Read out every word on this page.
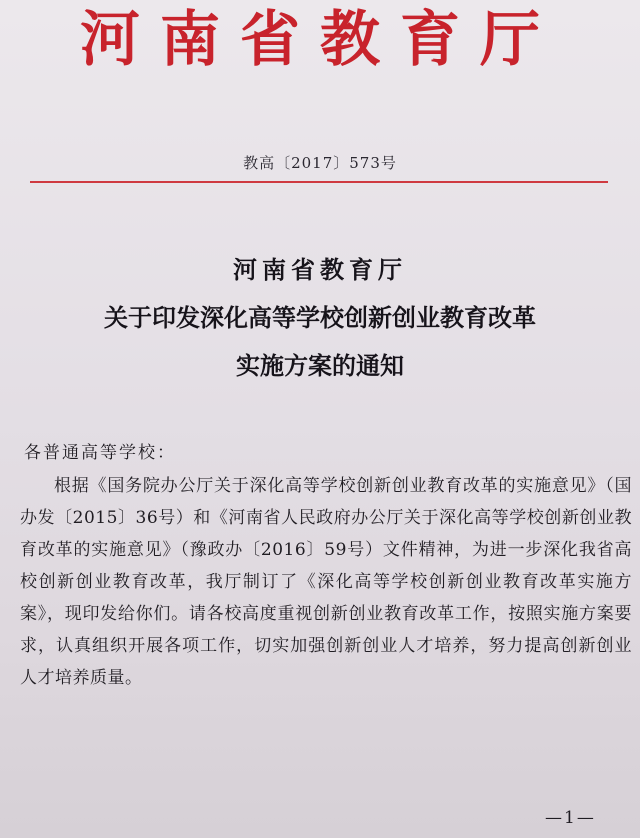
河南省教育厅
教高〔2017〕573号
河南省教育厅
关于印发深化高等学校创新创业教育改革
实施方案的通知
各普通高等学校：
根据《国务院办公厅关于深化高等学校创新创业教育改革的实施意见》（国办发〔2015〕36号）和《河南省人民政府办公厅关于深化高等学校创新创业教育改革的实施意见》（豫政办〔2016〕59号）文件精神，为进一步深化我省高校创新创业教育改革，我厅制订了《深化高等学校创新创业教育改革实施方案》，现印发给你们。请各校高度重视创新创业教育改革工作，按照实施方案要求，认真组织开展各项工作，切实加强创新创业人才培养，努力提高创新创业人才培养质量。
—1—
